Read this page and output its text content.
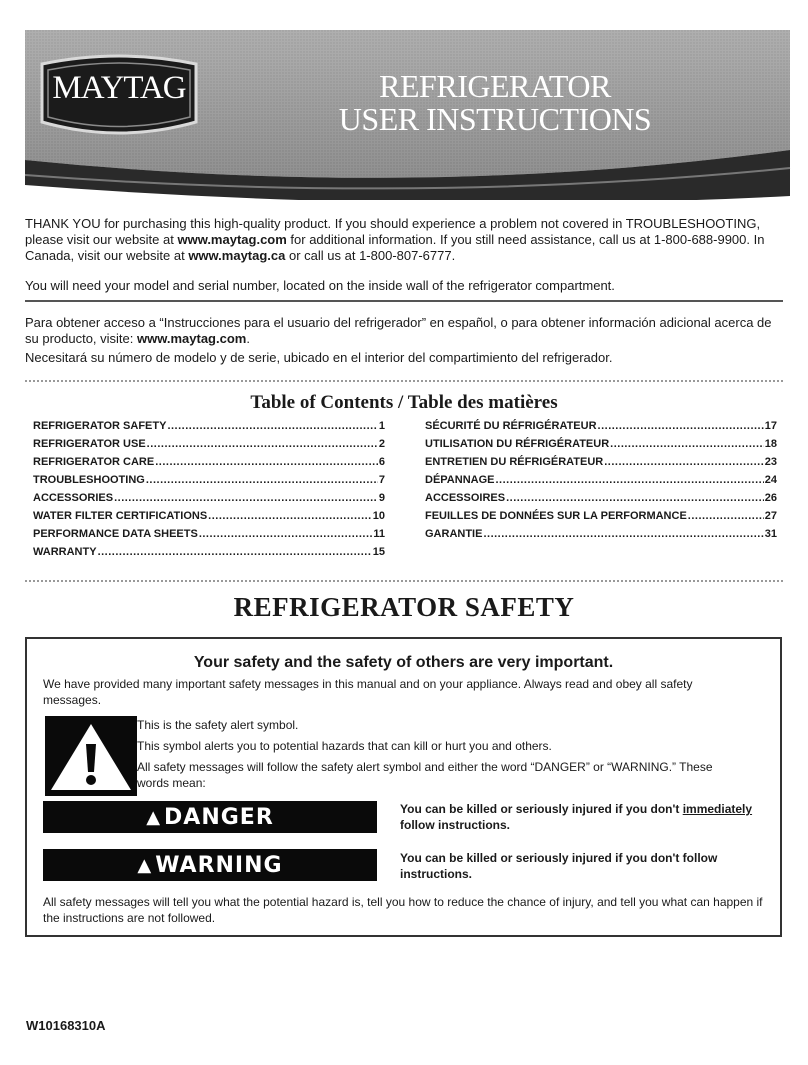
MAYTAG	REFRIGERATOR
USER INSTRUCTIONS
THANK YOU for purchasing this high-quality product. If you should experience a problem not covered in TROUBLESHOOTING, please visit our website at www.maytag.com for additional information. If you still need assistance, call us at 1-800-688-9900. In Canada, visit our website at www.maytag.ca or call us at 1-800-807-6777.
You will need your model and serial number, located on the inside wall of the refrigerator compartment.
Para obtener acceso a “Instrucciones para el usuario del refrigerador” en español, o para obtener información adicional acerca de su producto, visite: www.maytag.com.
Necesitará su número de modelo y de serie, ubicado en el interior del compartimiento del refrigerador.
Table of Contents / Table des matières
REFRIGERATOR SAFETY .....	1
REFRIGERATOR USE .....	2
REFRIGERATOR CARE .....	6
TROUBLESHOOTING .....	7
ACCESSORIES .....	9
WATER FILTER CERTIFICATIONS .....	10
PERFORMANCE DATA SHEETS .....	11
WARRANTY .....	15
SÉCURITÉ DU RÉFRIGÉRATEUR .....	17
UTILISATION DU RÉFRIGÉRATEUR .....	18
ENTRETIEN DU RÉFRIGÉRATEUR .....	23
DÉPANNAGE .....	24
ACCESSOIRES .....	26
FEUILLES DE DONNÉES SUR LA PERFORMANCE .....	27
GARANTIE .....	31
REFRIGERATOR SAFETY
Your safety and the safety of others are very important.
We have provided many important safety messages in this manual and on your appliance. Always read and obey all safety messages.
This is the safety alert symbol.
This symbol alerts you to potential hazards that can kill or hurt you and others.
All safety messages will follow the safety alert symbol and either the word “DANGER” or “WARNING.” These words mean:
▲ DANGER	You can be killed or seriously injured if you don't immediately follow instructions.
▲ WARNING	You can be killed or seriously injured if you don't follow instructions.
All safety messages will tell you what the potential hazard is, tell you how to reduce the chance of injury, and tell you what can happen if the instructions are not followed.
W10168310A
